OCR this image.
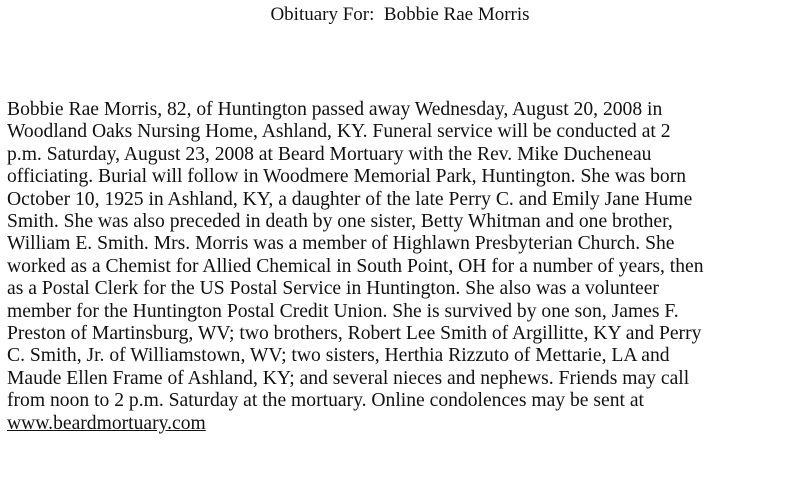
Obituary For: Bobbie Rae Morris
Bobbie Rae Morris, 82, of Huntington passed away Wednesday, August 20, 2008 in
Woodland Oaks Nursing Home, Ashland, KY. Funeral service will be conducted at 2
p.m. Saturday, August 23, 2008 at Beard Mortuary with the Rev. Mike Ducheneau
officiating. Burial will follow in Woodmere Memorial Park, Huntington. She was born
October 10, 1925 in Ashland, KY, a daughter of the late Perry C. and Emily Jane Hume
Smith. She was also preceded in death by one sister, Betty Whitman and one brother,
William E. Smith. Mrs. Morris was a member of Highlawn Presbyterian Church. She
worked as a Chemist for Allied Chemical in South Point, OH for a number of years, then
as a Postal Clerk for the US Postal Service in Huntington. She also was a volunteer
member for the Huntington Postal Credit Union. She is survived by one son, James F.
Preston of Martinsburg, WV; two brothers, Robert Lee Smith of Argillitte, KY and Perry
C. Smith, Jr. of Williamstown, WV; two sisters, Herthia Rizzuto of Mettarie, LA and
Maude Ellen Frame of Ashland, KY; and several nieces and nephews. Friends may call
from noon to 2 p.m. Saturday at the mortuary. Online condolences may be sent at
www.beardmortuary.com
